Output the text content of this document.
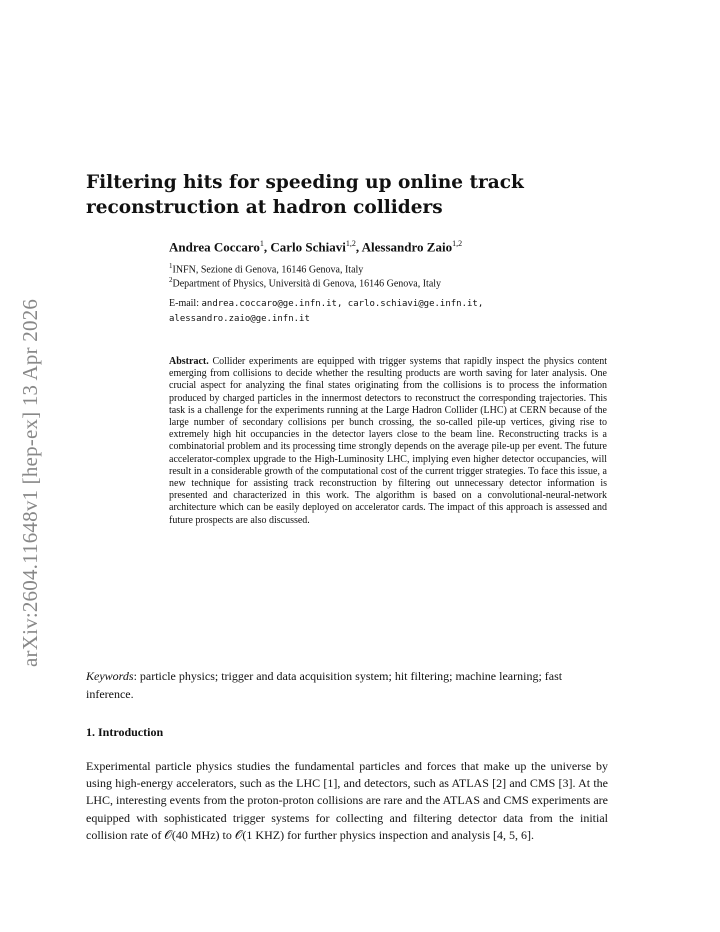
arXiv:2604.11648v1 [hep-ex] 13 Apr 2026
Filtering hits for speeding up online track
reconstruction at hadron colliders
Andrea Coccaro$^1$, Carlo Schiavi$^{1,2}$, Alessandro Zaio$^{1,2}$
$^1$INFN, Sezione di Genova, 16146 Genova, Italy
$^2$Department of Physics, Università di Genova, 16146 Genova, Italy
E-mail: andrea.coccaro@ge.infn.it, carlo.schiavi@ge.infn.it,
alessandro.zaio@ge.infn.it
Abstract. Collider experiments are equipped with trigger systems that rapidly inspect the physics content emerging from collisions to decide whether the resulting products are worth saving for later analysis. One crucial aspect for analyzing the final states originating from the collisions is to process the information produced by charged particles in the innermost detectors to reconstruct the corresponding trajectories. This task is a challenge for the experiments running at the Large Hadron Collider (LHC) at CERN because of the large number of secondary collisions per bunch crossing, the so-called pile-up vertices, giving rise to extremely high hit occupancies in the detector layers close to the beam line. Reconstructing tracks is a combinatorial problem and its processing time strongly depends on the average pile-up per event. The future accelerator-complex upgrade to the High-Luminosity LHC, implying even higher detector occupancies, will result in a considerable growth of the computational cost of the current trigger strategies. To face this issue, a new technique for assisting track reconstruction by filtering out unnecessary detector information is presented and characterized in this work. The algorithm is based on a convolutional-neural-network architecture which can be easily deployed on accelerator cards. The impact of this approach is assessed and future prospects are also discussed.
Keywords: particle physics; trigger and data acquisition system; hit filtering; machine learning; fast inference.
1. Introduction
Experimental particle physics studies the fundamental particles and forces that make up the universe by using high-energy accelerators, such as the LHC [1], and detectors, such as ATLAS [2] and CMS [3]. At the LHC, interesting events from the proton-proton collisions are rare and the ATLAS and CMS experiments are equipped with sophisticated trigger systems for collecting and filtering detector data from the initial collision rate of 𝒪(40 MHz) to 𝒪(1 KHZ) for further physics inspection and analysis [4, 5, 6].
